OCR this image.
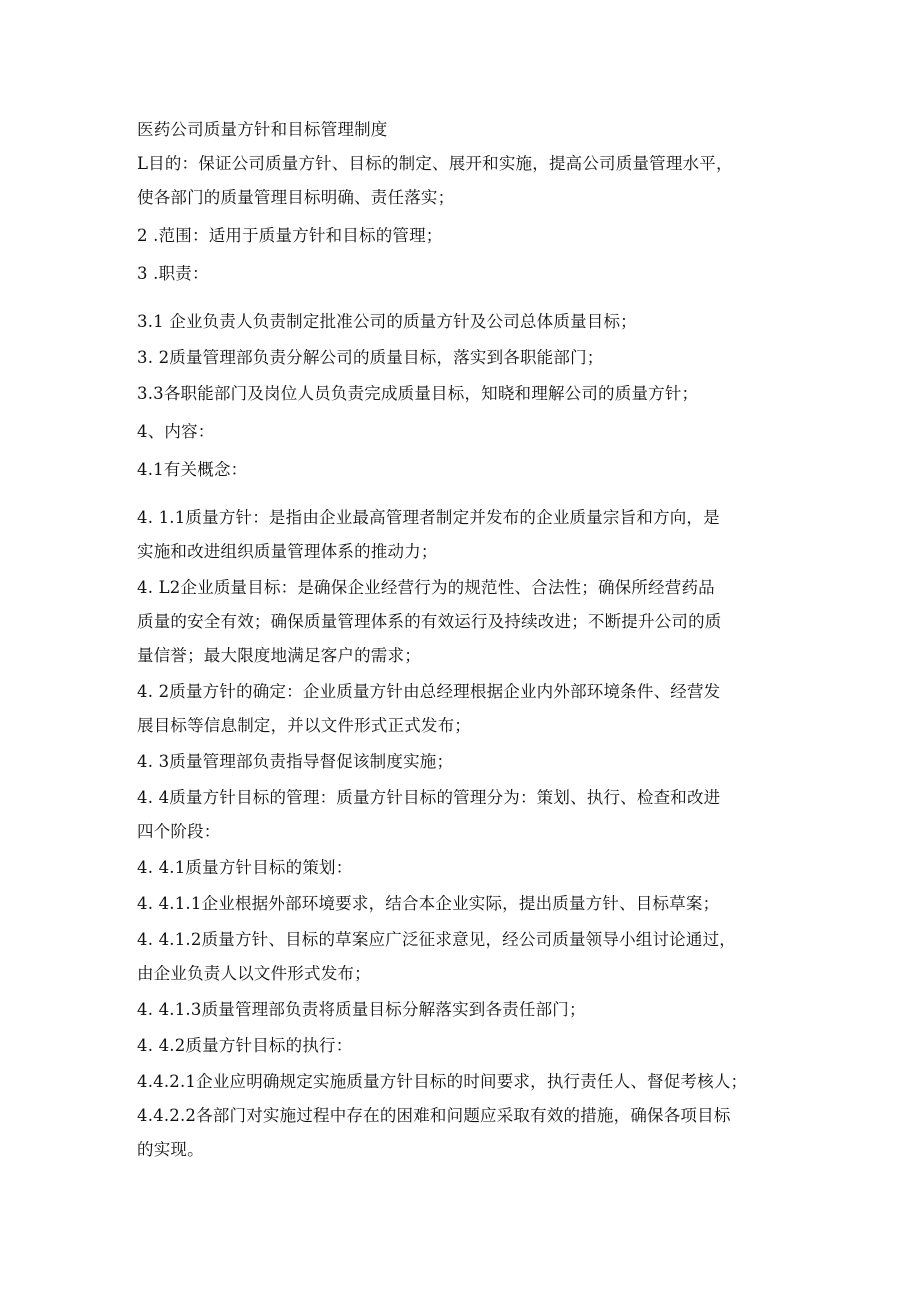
医药公司质量方针和目标管理制度
L目的：保证公司质量方针、目标的制定、展开和实施，提高公司质量管理水平，
使各部门的质量管理目标明确、责任落实；
2 .范围：适用于质量方针和目标的管理；
3 .职责：
3.1 企业负责人负责制定批准公司的质量方针及公司总体质量目标；
3. 2质量管理部负责分解公司的质量目标，落实到各职能部门；
3.3各职能部门及岗位人员负责完成质量目标，知晓和理解公司的质量方针；
4、内容：
4.1有关概念：
4. 1.1质量方针：是指由企业最高管理者制定并发布的企业质量宗旨和方向，是
实施和改进组织质量管理体系的推动力；
4. L2企业质量目标：是确保企业经营行为的规范性、合法性；确保所经营药品
质量的安全有效；确保质量管理体系的有效运行及持续改进；不断提升公司的质
量信誉；最大限度地满足客户的需求；
4. 2质量方针的确定：企业质量方针由总经理根据企业内外部环境条件、经营发
展目标等信息制定，并以文件形式正式发布；
4. 3质量管理部负责指导督促该制度实施；
4. 4质量方针目标的管理：质量方针目标的管理分为：策划、执行、检查和改进
四个阶段：
4. 4.1质量方针目标的策划：
4. 4.1.1企业根据外部环境要求，结合本企业实际，提出质量方针、目标草案；
4. 4.1.2质量方针、目标的草案应广泛征求意见，经公司质量领导小组讨论通过，
由企业负责人以文件形式发布；
4. 4.1.3质量管理部负责将质量目标分解落实到各责任部门；
4. 4.2质量方针目标的执行：
4.4.2.1企业应明确规定实施质量方针目标的时间要求，执行责任人、督促考核人；
4.4.2.2各部门对实施过程中存在的困难和问题应采取有效的措施，确保各项目标
的实现。
